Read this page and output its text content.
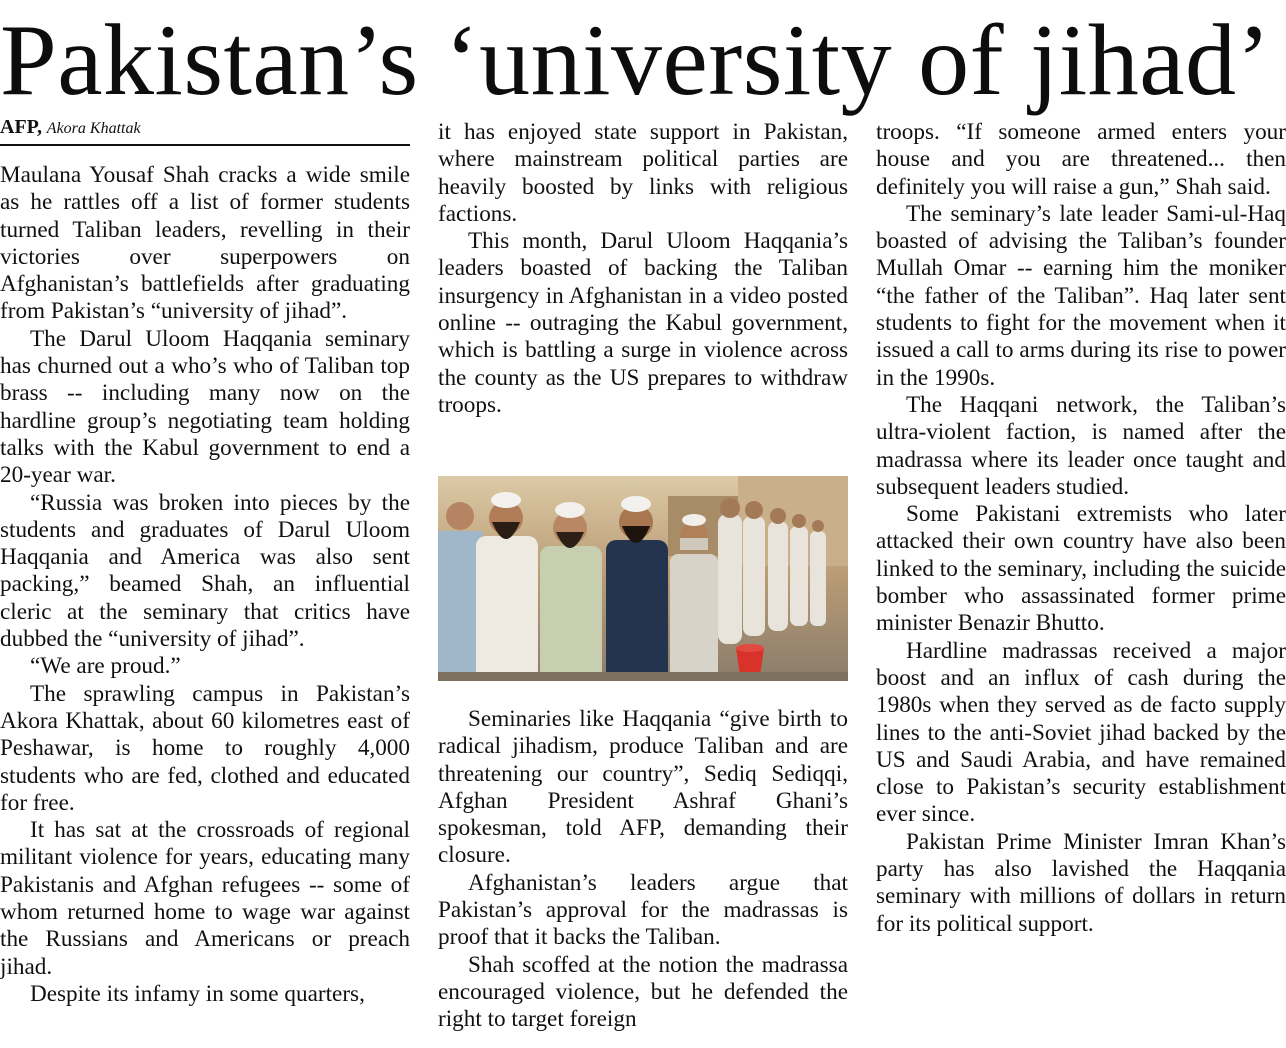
Pakistan’s ‘university of jihad’
AFP, Akora Khattak

Maulana Yousaf Shah cracks a wide smile as he rattles off a list of former students turned Taliban leaders, revelling in their victories over superpowers on Afghanistan’s battlefields after graduating from Pakistan’s “university of jihad”.

The Darul Uloom Haqqania seminary has churned out a who’s who of Taliban top brass -- including many now on the hardline group’s negotiating team holding talks with the Kabul government to end a 20-year war.

“Russia was broken into pieces by the students and graduates of Darul Uloom Haqqania and America was also sent packing,” beamed Shah, an influential cleric at the seminary that critics have dubbed the “university of jihad”.

“We are proud.”

The sprawling campus in Pakistan’s Akora Khattak, about 60 kilometres east of Peshawar, is home to roughly 4,000 students who are fed, clothed and educated for free.

It has sat at the crossroads of regional militant violence for years, educating many Pakistanis and Afghan refugees -- some of whom returned home to wage war against the Russians and Americans or preach jihad.

Despite its infamy in some quarters,

it has enjoyed state support in Pakistan, where mainstream political parties are heavily boosted by links with religious factions.

This month, Darul Uloom Haqqania’s leaders boasted of backing the Taliban insurgency in Afghanistan in a video posted online -- outraging the Kabul government, which is battling a surge in violence across the county as the US prepares to withdraw troops.

Seminaries like Haqqania “give birth to radical jihadism, produce Taliban and are threatening our country”, Sediq Sediqqi, Afghan President Ashraf Ghani’s spokesman, told AFP, demanding their closure.

Afghanistan’s leaders argue that Pakistan’s approval for the madrassas is proof that it backs the Taliban.

Shah scoffed at the notion the madrassa encouraged violence, but he defended the right to target foreign

troops. “If someone armed enters your house and you are threatened... then definitely you will raise a gun,” Shah said.

The seminary’s late leader Sami-ul-Haq boasted of advising the Taliban’s founder Mullah Omar -- earning him the moniker “the father of the Taliban”. Haq later sent students to fight for the movement when it issued a call to arms during its rise to power in the 1990s.

The Haqqani network, the Taliban’s ultra-violent faction, is named after the madrassa where its leader once taught and subsequent leaders studied.

Some Pakistani extremists who later attacked their own country have also been linked to the seminary, including the suicide bomber who assassinated former prime minister Benazir Bhutto.

Hardline madrassas received a major boost and an influx of cash during the 1980s when they served as de facto supply lines to the anti-Soviet jihad backed by the US and Saudi Arabia, and have remained close to Pakistan’s security establishment ever since.

Pakistan Prime Minister Imran Khan’s party has also lavished the Haqqania seminary with millions of dollars in return for its political support.
